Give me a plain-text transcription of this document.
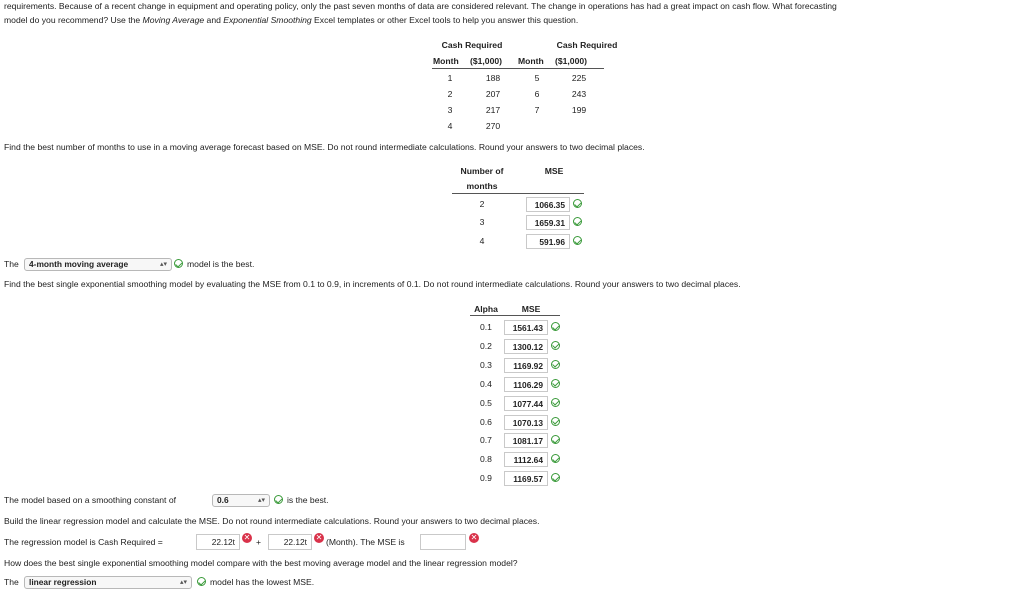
requirements. Because of a recent change in equipment and operating policy, only the past seven months of data are considered relevant. The change in operations has had a great impact on cash flow. What forecasting
model do you recommend? Use the Moving Average and Exponential Smoothing Excel templates or other Excel tools to help you answer this question.
Cash Required	Cash Required
Month ($1,000) Month ($1,000)
1	188	5	225
2	207	6	243
3	217	7	199
4	270
Find the best number of months to use in a moving average forecast based on MSE. Do not round intermediate calculations. Round your answers to two decimal places.
Number of
months
MSE
2	1066.35
3	1659.31
4	591.96
The	4-month moving average	▴▾ model is the best.
Find the best single exponential smoothing model by evaluating the MSE from 0.1 to 0.9, in increments of 0.1. Do not round intermediate calculations. Round your answers to two decimal places.
Alpha	MSE
0.1	1561.43
0.2	1300.12
0.3	1169.92
0.4	1106.29
0.5	1077.44
0.6	1070.13
0.7	1081.17
0.8	1112.64
0.9	1169.57
The model based on a smoothing constant of	0.6	▴▾	is the best.
Build the linear regression model and calculate the MSE. Do not round intermediate calculations. Round your answers to two decimal places.
The regression model is Cash Required =	22.12t	✕ +	22.12t	✕ (Month). The MSE is	✕
How does the best single exponential smoothing model compare with the best moving average model and the linear regression model?
The	linear regression	▴▾	model has the lowest MSE.
